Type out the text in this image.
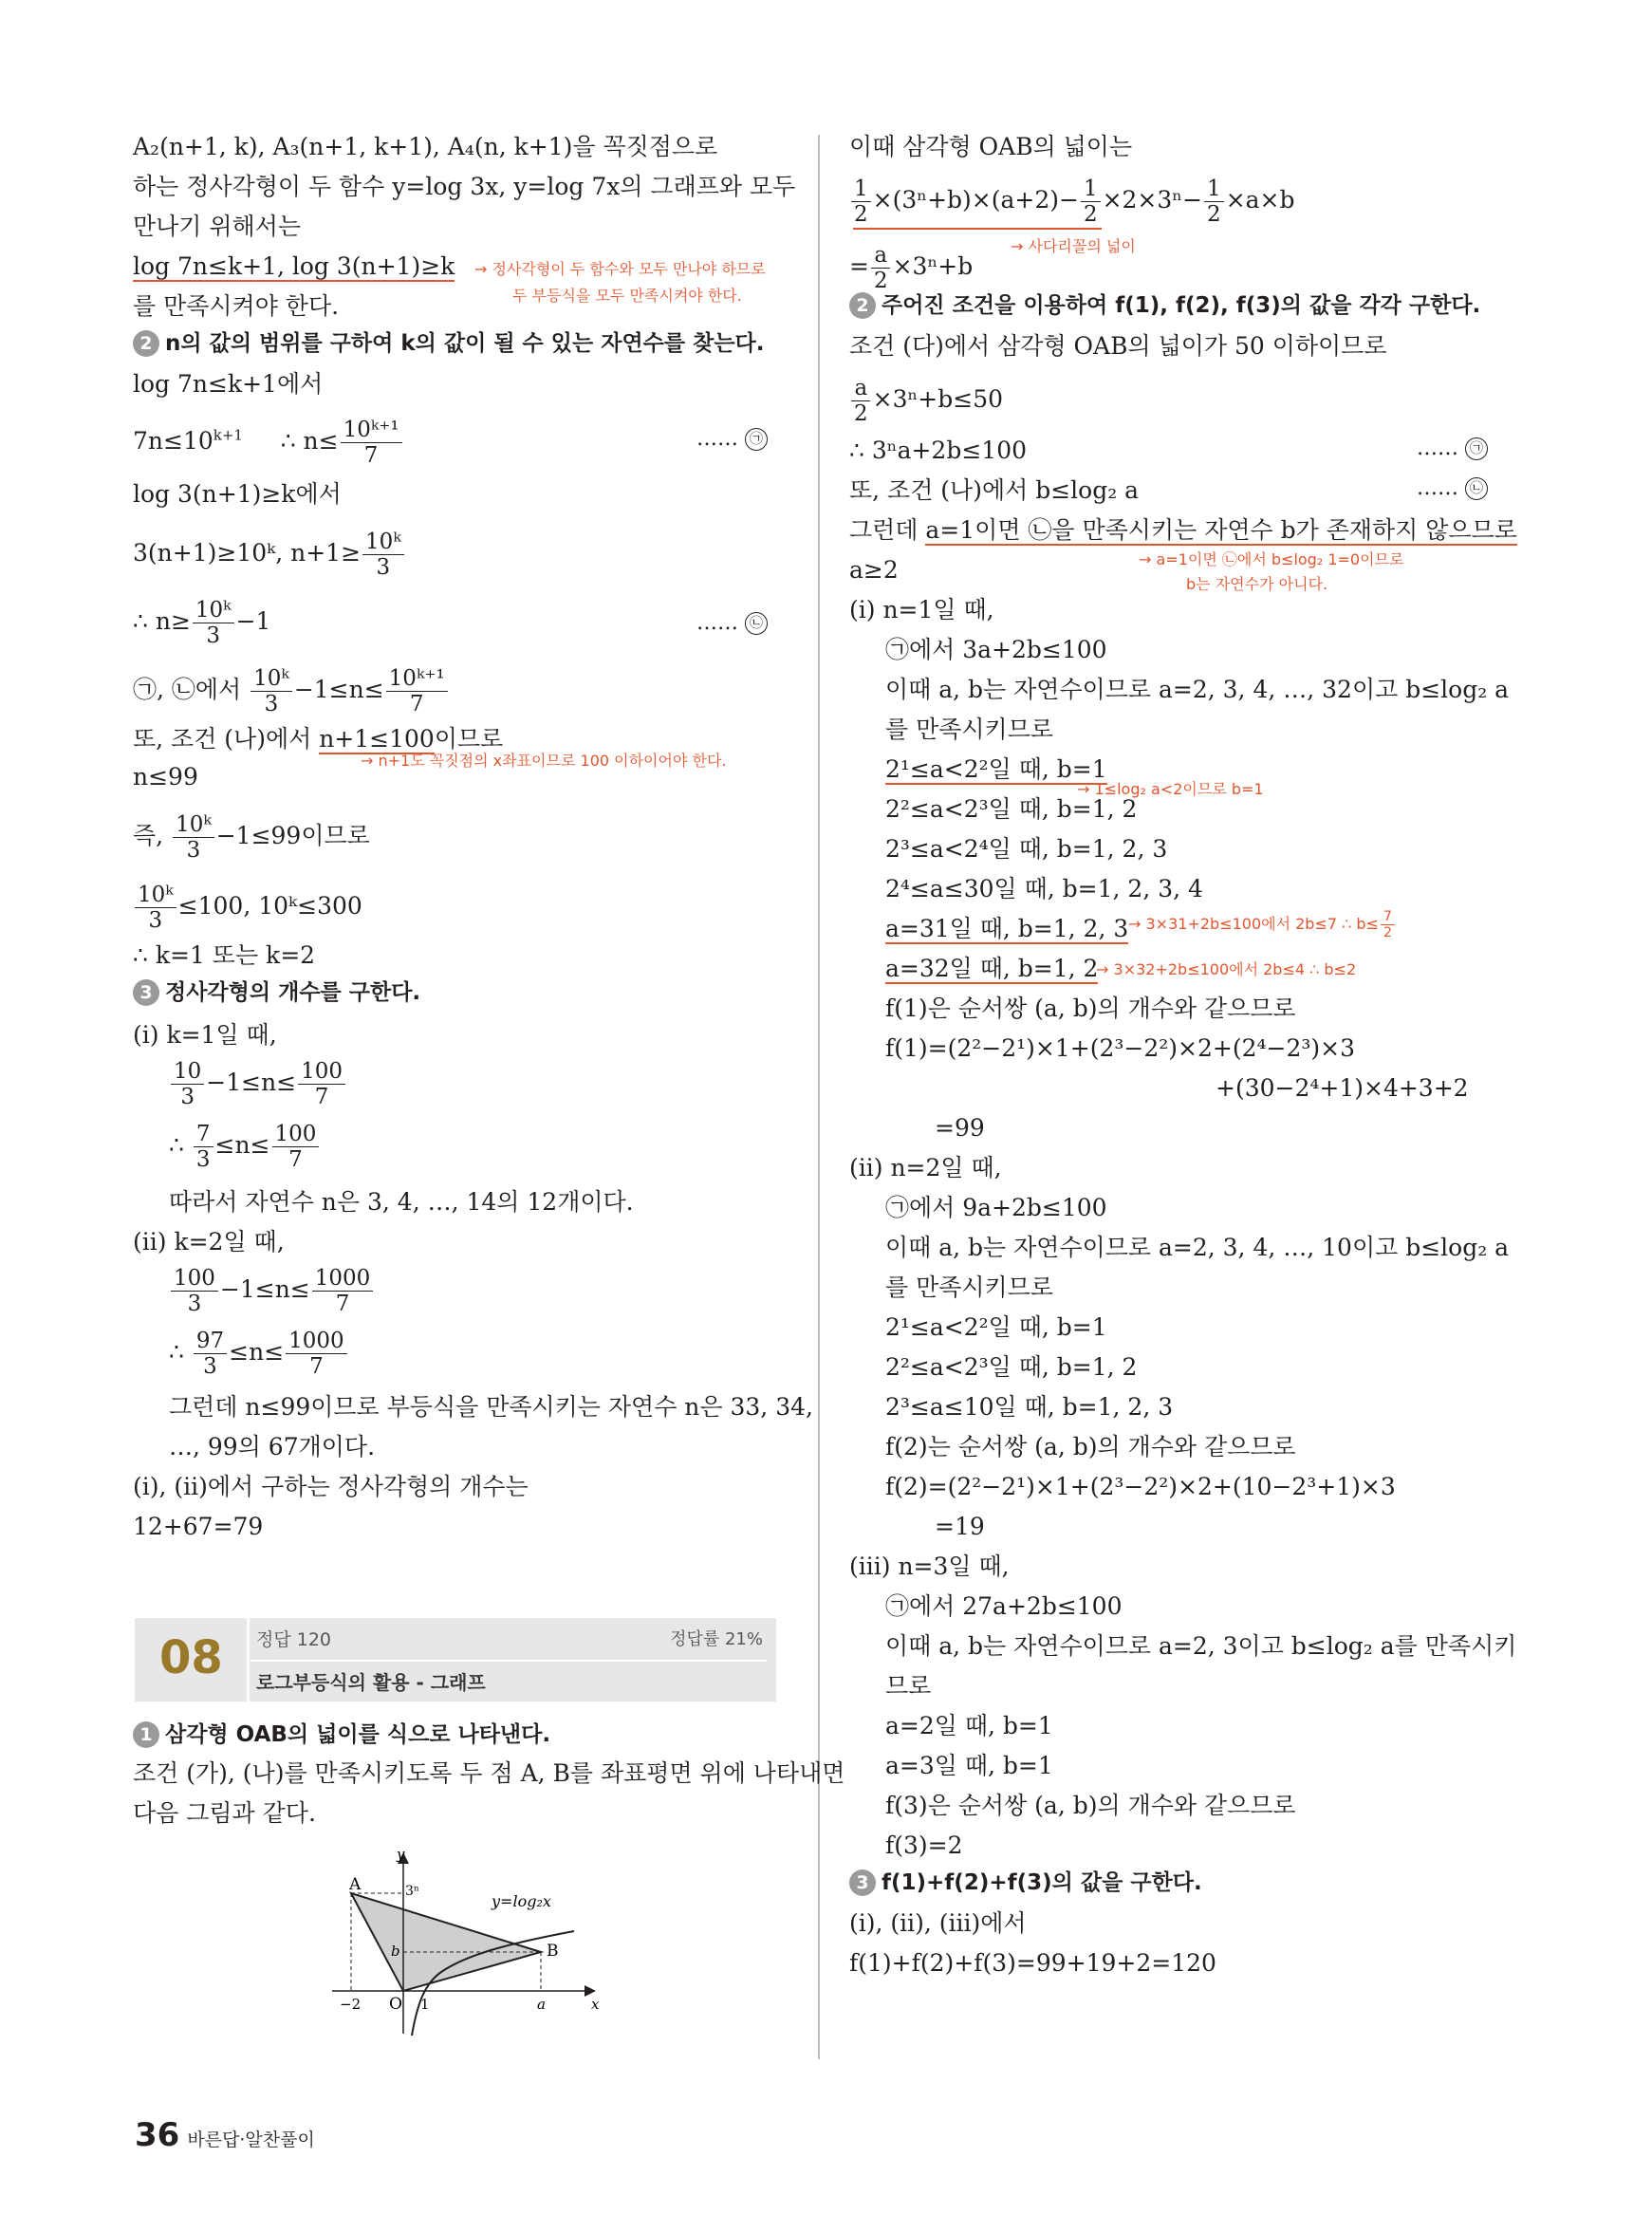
A₂(n+1, k), A₃(n+1, k+1), A₄(n, k+1)을 꼭짓점으로
하는 정사각형이 두 함수 y=log 3x, y=log 7x의 그래프와 모두
만나기 위해서는
log 7n≤k+1, log 3(n+1)≥k → 정사각형이 두 함수와 모두 만나야 하므로
두 부등식을 모두 만족시켜야 한다.
를 만족시켜야 한다.
2 n의 값의 범위를 구하여 k의 값이 될 수 있는 자연수를 찾는다.
log 7n≤k+1에서
$7n\le 10^{k+1}$ ∴ $n\le \frac{\text{10ᵏ⁺¹}}{7}$	…… ㉠
log 3(n+1)≥k에서
3(n+1)≥10ᵏ, $n+1\ge \frac{\text{10ᵏ}}{3}$
∴ $n\ge \frac{\text{10ᵏ}}{3} -1$	…… ㉡
㉠, ㉡에서 $\frac{\text{10ᵏ}}{3} -1\le n\le \frac{\text{10ᵏ⁺¹}}{7}$
또, 조건 (나)에서 n+1≤100이므로
→ n+1도 꼭짓점의 x좌표이므로 100 이하이어야 한다.
n≤99
즉, $\frac{\text{10ᵏ}}{3} -1\le 99$이므로
$\frac{\text{10ᵏ}}{3} \le 100$, 10ᵏ≤300
∴ k=1 또는 k=2
3 정사각형의 개수를 구한다.
(ⅰ) k=1일 때,
$\frac{10}{3} -1\le n\le \frac{100}{7}$
∴ $\frac{7}{3} \le n\le \frac{100}{7}$
따라서 자연수 n은 3, 4, …, 14의 12개이다.
(ⅱ) k=2일 때,
$\frac{100}{3} -1\le n\le \frac{1000}{7}$
∴ $\frac{97}{3} \le n\le \frac{1000}{7}$
그런데 n≤99이므로 부등식을 만족시키는 자연수 n은 33, 34,
…, 99의 67개이다.
(ⅰ), (ⅱ)에서 구하는 정사각형의 개수는
12+67=79
08 정답 120	정답률 21%
로그부등식의 활용 - 그래프
1 삼각형 OAB의 넓이를 식으로 나타낸다.
조건 (가), (나)를 만족시키도록 두 점 A, B를 좌표평면 위에 나타내면
다음 그림과 같다.
A
B
O
3ⁿ
b
−2	1	a	x
y
y=log₂x
이때 삼각형 OAB의 넓이는
$\frac{1}{2} \times(3^n+b)\times(a+2)- \frac{1}{2} \times 2\times 3^n- \frac{1}{2} \times a\times b$
→ 사다리꼴의 넓이
= $\frac{a}{2} \times 3^n+b$
2 주어진 조건을 이용하여 f(1), f(2), f(3)의 값을 각각 구한다.
조건 (다)에서 삼각형 OAB의 넓이가 50 이하이므로
$\frac{a}{2} \times 3^n+b\le 50$
∴ 3ⁿa+2b≤100	…… ㉠
또, 조건 (나)에서 b≤log₂ a	…… ㉡
그런데 a=1이면 ㉡을 만족시키는 자연수 b가 존재하지 않으므로
→ a=1이면 ㉡에서 b≤log₂ 1=0이므로
b는 자연수가 아니다.
a≥2
(ⅰ) n=1일 때,
㉠에서 3a+2b≤100
이때 a, b는 자연수이므로 a=2, 3, 4, …, 32이고 b≤log₂ a
를 만족시키므로
2¹≤a<2²일 때, b=1
→ 1≤log₂ a<2이므로 b=1
2²≤a<2³일 때, b=1, 2
2³≤a<2⁴일 때, b=1, 2, 3
2⁴≤a≤30일 때, b=1, 2, 3, 4
a=31일 때, b=1, 2, 3 → 3×31+2b≤100에서 2b≤7 ∴ $b\le \frac{7}{2}$
a=32일 때, b=1, 2
→ 3×32+2b≤100에서 2b≤4 ∴ b≤2
f(1)은 순서쌍 (a, b)의 개수와 같으므로
f(1)=(2²−2¹)×1+(2³−2²)×2+(2⁴−2³)×3
+(30−2⁴+1)×4+3+2
=99
(ⅱ) n=2일 때,
㉠에서 9a+2b≤100
이때 a, b는 자연수이므로 a=2, 3, 4, …, 10이고 b≤log₂ a
를 만족시키므로
2¹≤a<2²일 때, b=1
2²≤a<2³일 때, b=1, 2
2³≤a≤10일 때, b=1, 2, 3
f(2)는 순서쌍 (a, b)의 개수와 같으므로
f(2)=(2²−2¹)×1+(2³−2²)×2+(10−2³+1)×3
=19
(ⅲ) n=3일 때,
㉠에서 27a+2b≤100
이때 a, b는 자연수이므로 a=2, 3이고 b≤log₂ a를 만족시키
므로
a=2일 때, b=1
a=3일 때, b=1
f(3)은 순서쌍 (a, b)의 개수와 같으므로
f(3)=2
3 f(1)+f(2)+f(3)의 값을 구한다.
(ⅰ), (ⅱ), (ⅲ)에서
f(1)+f(2)+f(3)=99+19+2=120
36 바른답·알찬풀이
